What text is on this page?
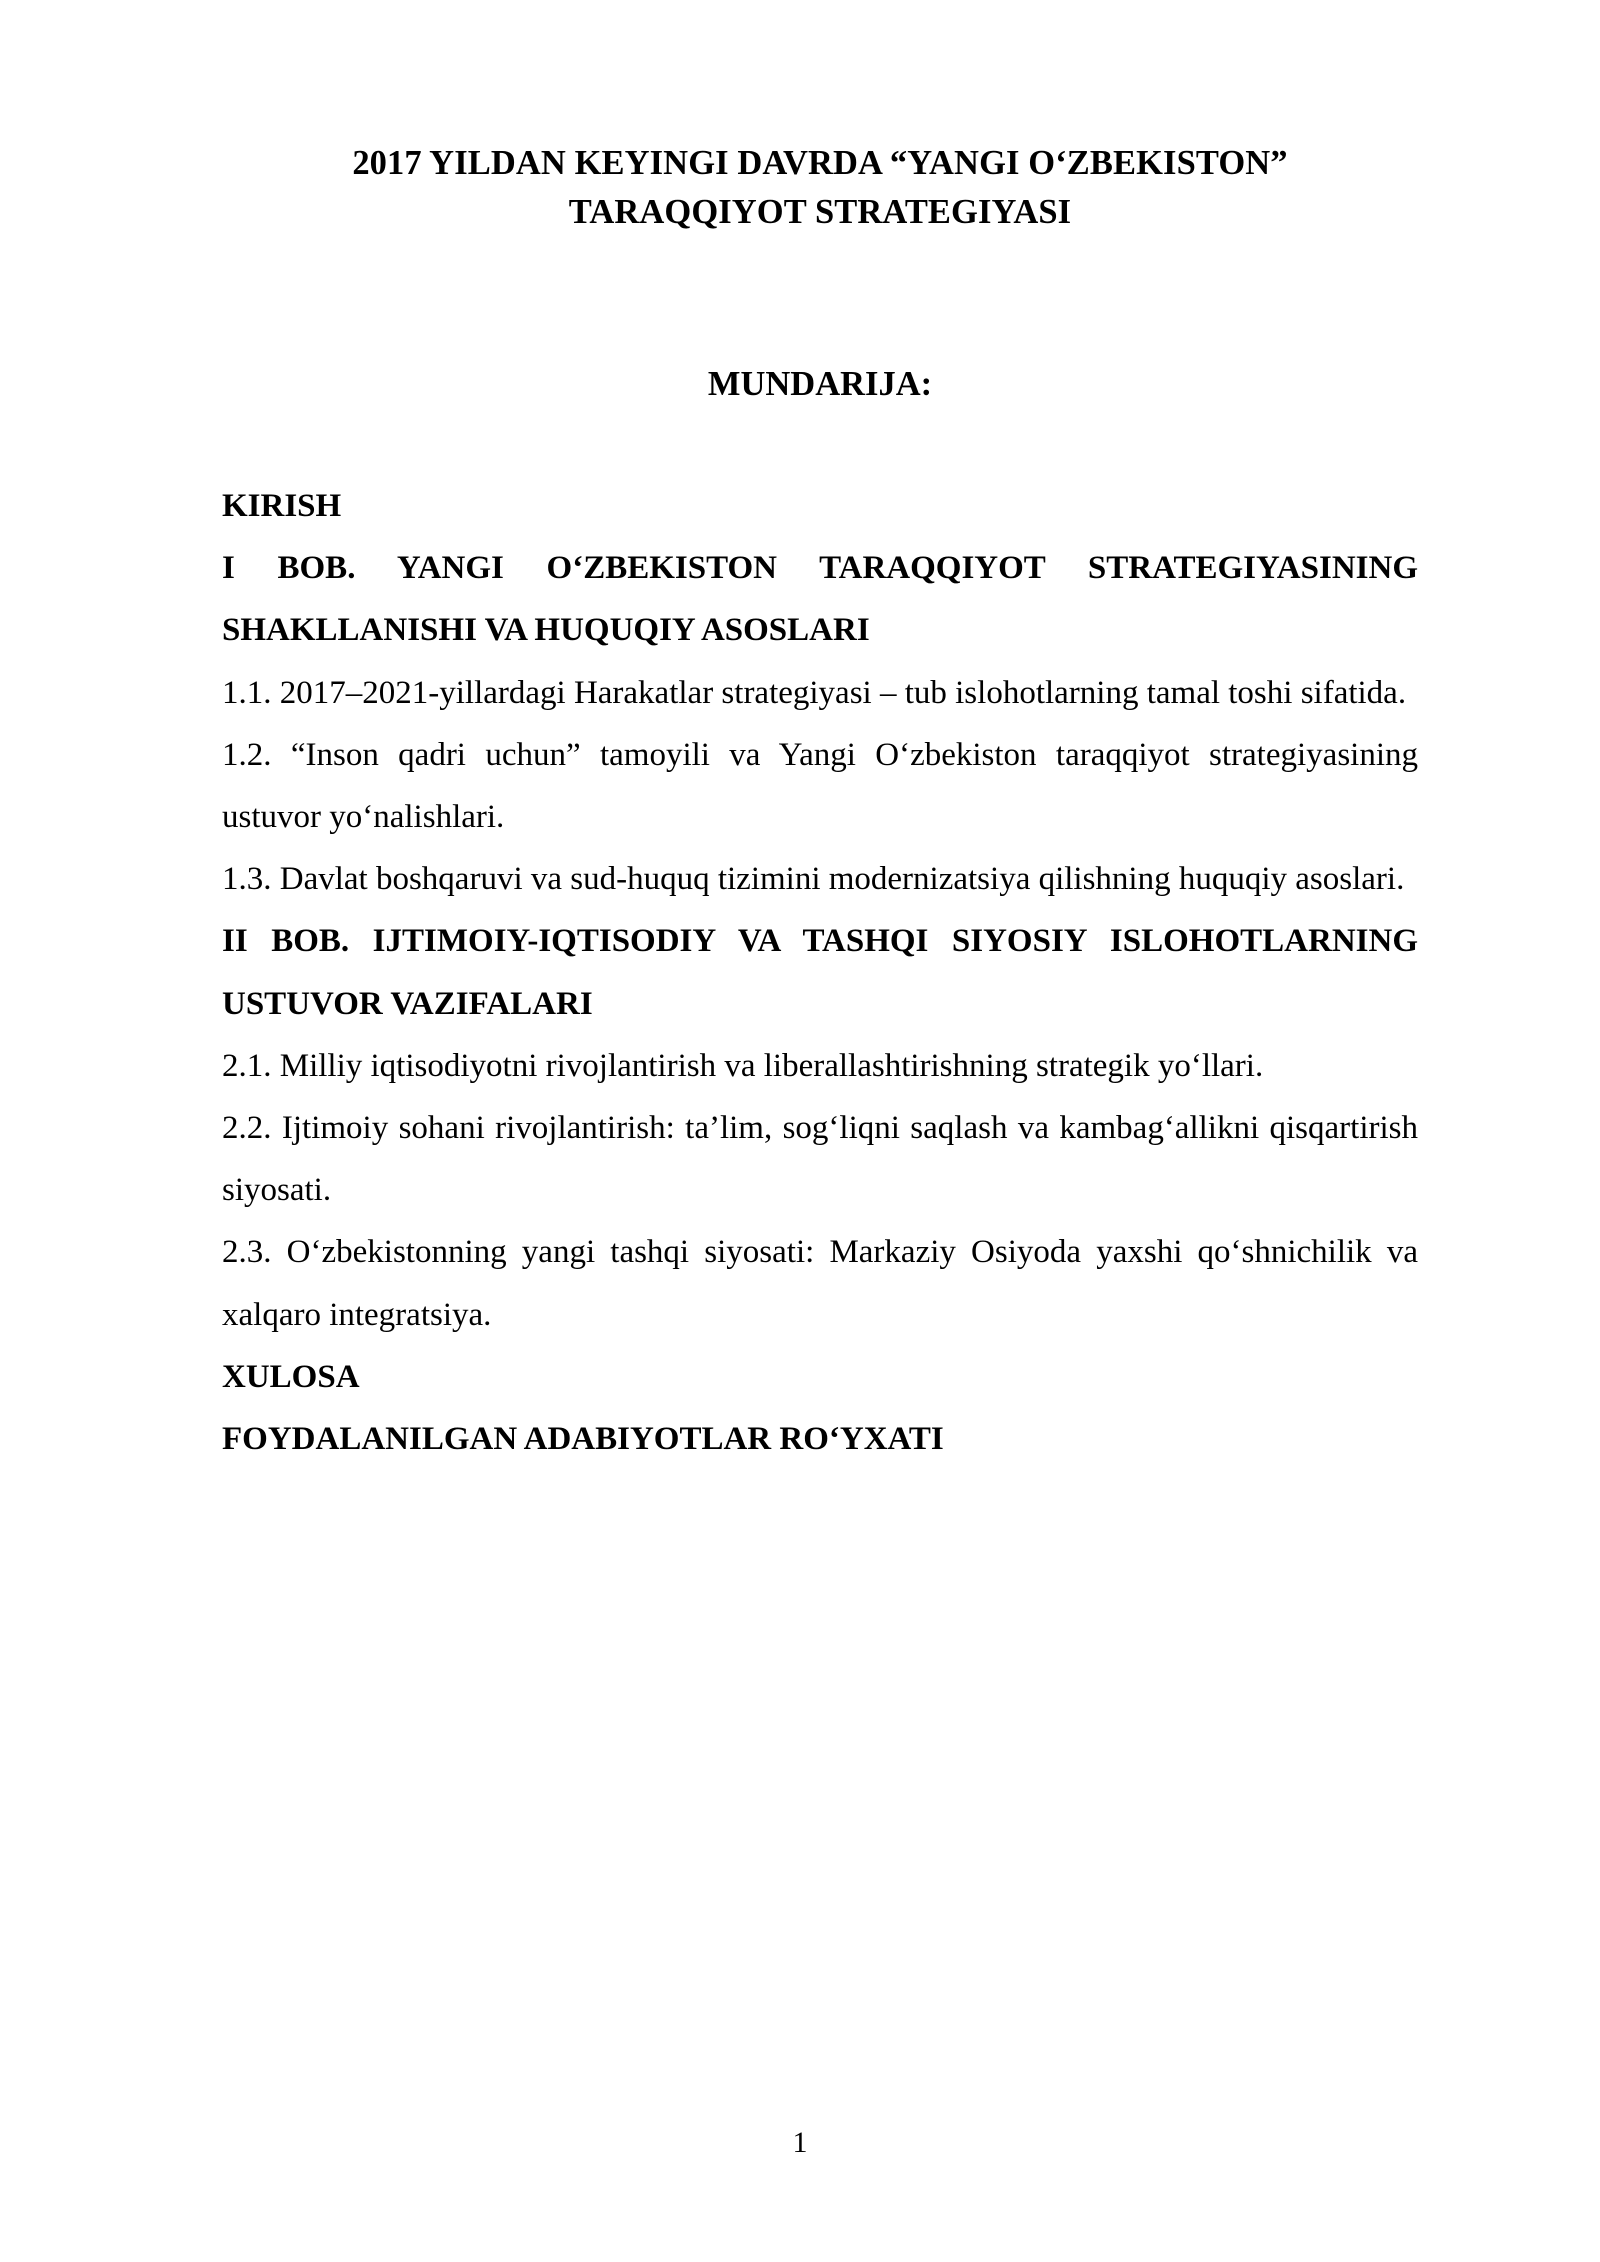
2017 YILDAN KEYINGI DAVRDA “YANGI O‘ZBEKISTON”
TARAQQIYOT STRATEGIYASI
MUNDARIJA:

KIRISH

I BOB. YANGI O‘ZBEKISTON TARAQQIYOT STRATEGIYASINING SHAKLLANISHI VA HUQUQIY ASOSLARI

1.1. 2017–2021-yillardagi Harakatlar strategiyasi – tub islohotlarning tamal toshi sifatida.

1.2. “Inson qadri uchun” tamoyili va Yangi O‘zbekiston taraqqiyot strategiyasining ustuvor yo‘nalishlari.

1.3. Davlat boshqaruvi va sud-huquq tizimini modernizatsiya qilishning huquqiy asoslari.

II BOB. IJTIMOIY-IQTISODIY VA TASHQI SIYOSIY ISLOHOTLARNING USTUVOR VAZIFALARI

2.1. Milliy iqtisodiyotni rivojlantirish va liberallashtirishning strategik yo‘llari.

2.2. Ijtimoiy sohani rivojlantirish: ta’lim, sog‘liqni saqlash va kambag‘allikni qisqartirish siyosati.

2.3. O‘zbekistonning yangi tashqi siyosati: Markaziy Osiyoda yaxshi qo‘shnichilik va xalqaro integratsiya.

XULOSA

FOYDALANILGAN ADABIYOTLAR RO‘YXATI

1
